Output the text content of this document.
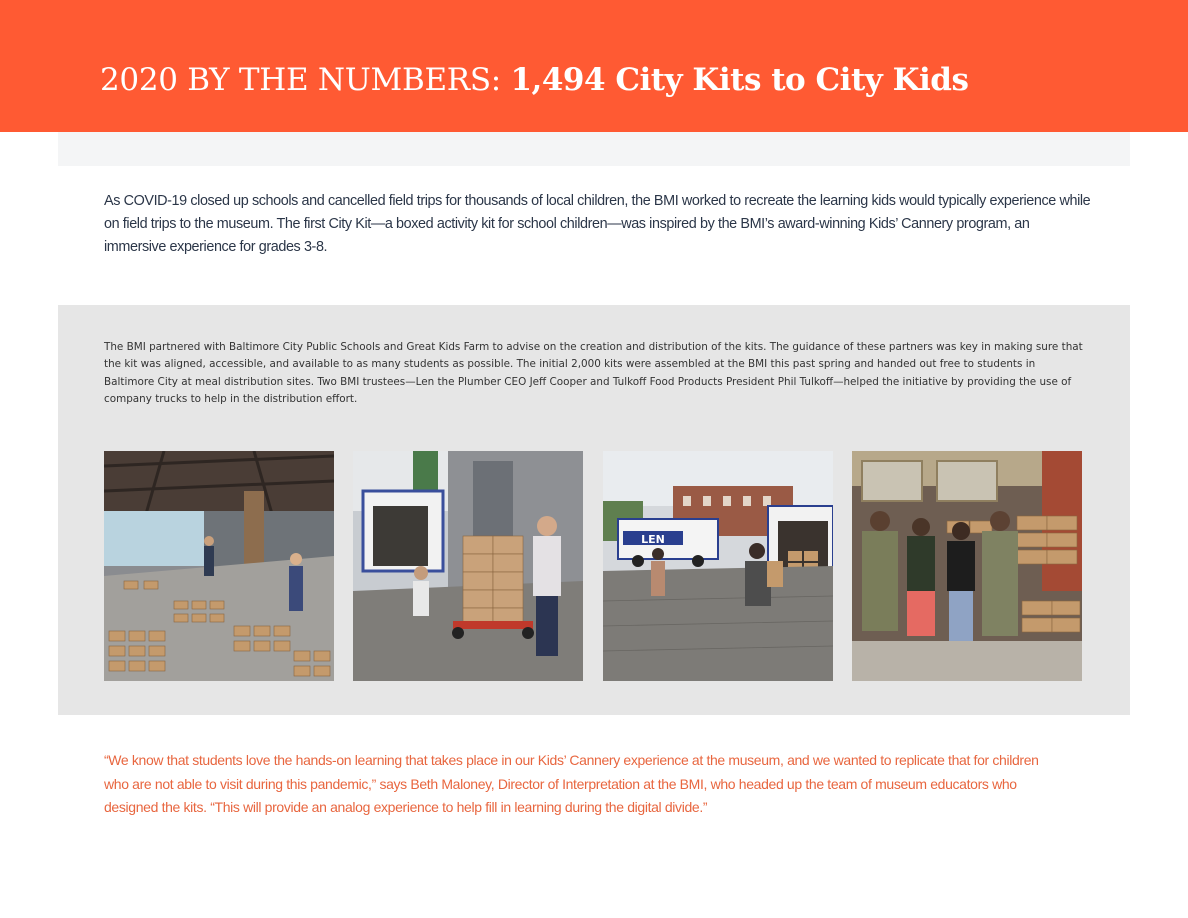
2020 BY THE NUMBERS: 1,494 City Kits to City Kids

As COVID-19 closed up schools and cancelled field trips for thousands of local children, the BMI worked to recreate the learning kids would typically experience while on field trips to the museum. The first City Kit—a boxed activity kit for school children—was inspired by the BMI’s award-winning Kids’ Cannery program, an immersive experience for grades 3-8.

The BMI partnered with Baltimore City Public Schools and Great Kids Farm to advise on the creation and distribution of the kits. The guidance of these partners was key in making sure that the kit was aligned, accessible, and available to as many students as possible. The initial 2,000 kits were assembled at the BMI this past spring and handed out free to students in Baltimore City at meal distribution sites. Two BMI trustees—Len the Plumber CEO Jeff Cooper and Tulkoff Food Products President Phil Tulkoff—helped the initiative by providing the use of company trucks to help in the distribution effort.

LEN

“We know that students love the hands-on learning that takes place in our Kids’ Cannery experience at the museum, and we wanted to replicate that for children who are not able to visit during this pandemic,” says Beth Maloney, Director of Interpretation at the BMI, who headed up the team of museum educators who designed the kits. “This will provide an analog experience to help fill in learning during the digital divide.”
